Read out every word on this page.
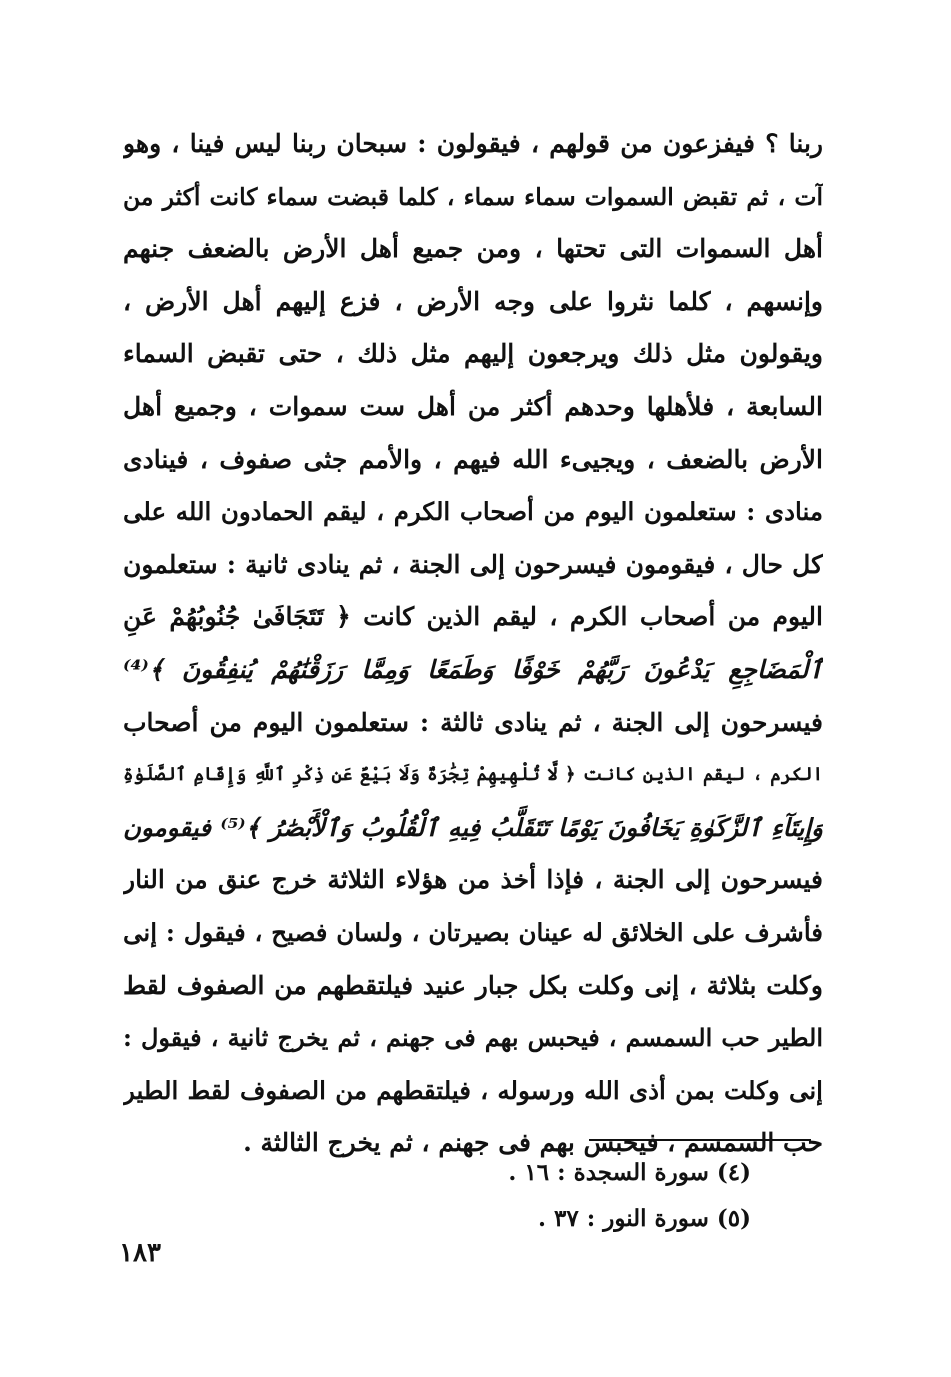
ربنا ؟ فيفزعون من قولهم ، فيقولون : سبحان ربنا ليس فينا ، وهو
آت ، ثم تقبض السموات سماء سماء ، كلما قبضت سماء كانت أكثر من
أهل السموات التى تحتها ، ومن جميع أهل الأرض بالضعف جنهم
وإنسهم ، كلما نثروا على وجه الأرض ، فزع إليهم أهل الأرض ،
ويقولون مثل ذلك ويرجعون إليهم مثل ذلك ، حتى تقبض السماء
السابعة ، فلأهلها وحدهم أكثر من أهل ست سموات ، وجميع أهل
الأرض بالضعف ، ويجيىء الله فيهم ، والأمم جثى صفوف ، فينادى
منادى : ستعلمون اليوم من أصحاب الكرم ، ليقم الحمادون الله على
كل حال ، فيقومون فيسرحون إلى الجنة ، ثم ينادى ثانية : ستعلمون
اليوم من أصحاب الكرم ، ليقم الذين كانت ﴿ تَتَجَافَىٰ جُنُوبُهُمْ عَنِ
ٱلْمَضَاجِعِ يَدْعُونَ رَبَّهُمْ خَوْفًا وَطَمَعًا وَمِمَّا رَزَقْنَٰهُمْ يُنفِقُونَ ﴾⁽⁴⁾
فيسرحون إلى الجنة ، ثم ينادى ثالثة : ستعلمون اليوم من أصحاب
الكرم ، ليقم الذين كانت ﴿ لَّا تُلْهِيهِمْ تِجَٰرَةٌ وَلَا بَيْعٌ عَن ذِكْرِ ٱللَّهِ وَإِقَامِ ٱلصَّلَوٰةِ
وَإِيتَآءِ ٱلزَّكَوٰةِ يَخَافُونَ يَوْمًا تَتَقَلَّبُ فِيهِ ٱلْقُلُوبُ وَٱلْأَبْصَٰرُ ﴾⁽⁵⁾ فيقومون
فيسرحون إلى الجنة ، فإذا أخذ من هؤلاء الثلاثة خرج عنق من النار
فأشرف على الخلائق له عينان بصيرتان ، ولسان فصيح ، فيقول : إنى
وكلت بثلاثة ، إنى وكلت بكل جبار عنيد فيلتقطهم من الصفوف لقط
الطير حب السمسم ، فيحبس بهم فى جهنم ، ثم يخرج ثانية ، فيقول :
إنى وكلت بمن أذى الله ورسوله ، فيلتقطهم من الصفوف لقط الطير
حب السمسم ، فيحبس بهم فى جهنم ، ثم يخرج الثالثة .
(٤) سورة السجدة : ١٦ .
(٥) سورة النور : ٣٧ .
١٨٣
